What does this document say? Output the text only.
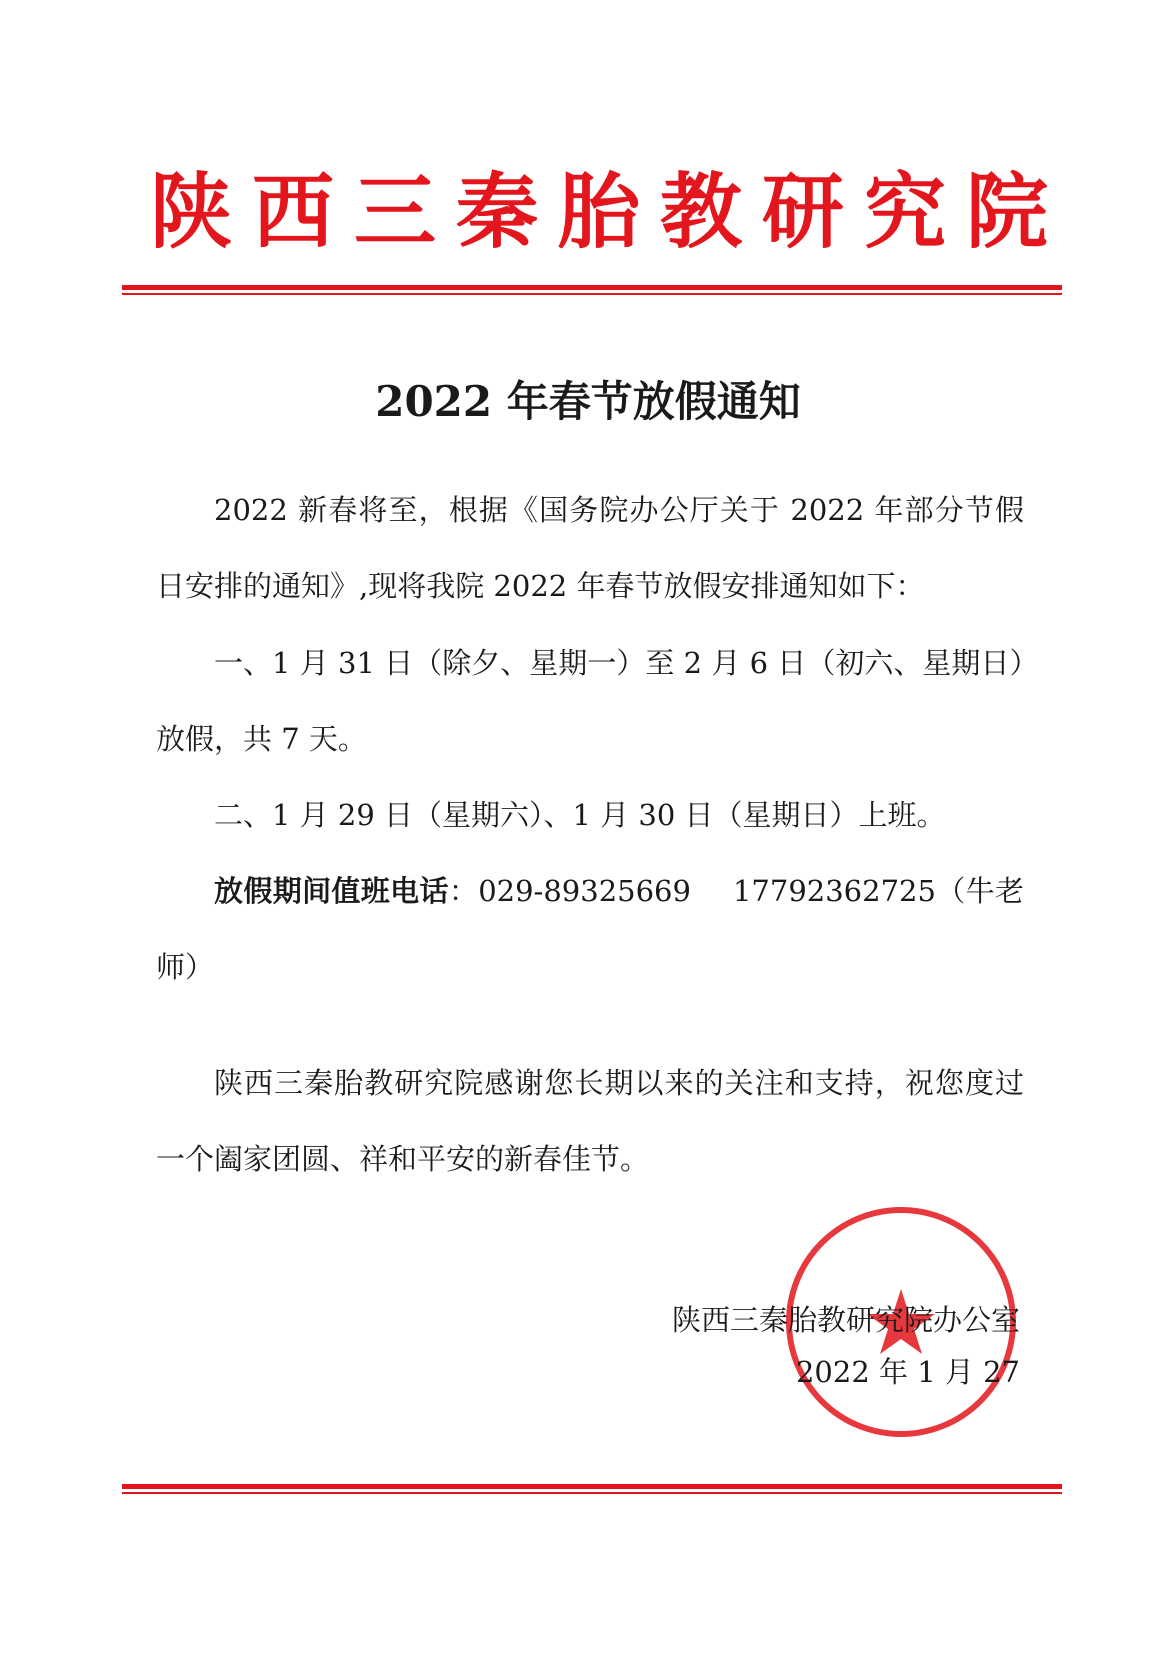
陕西三秦胎教研究院
2022 年春节放假通知

2022 新春将至，根据《国务院办公厅关于 2022 年部分节假日安排的通知》,现将我院 2022 年春节放假安排通知如下：

一、1 月 31 日（除夕、星期一）至 2 月 6 日（初六、星期日）放假，共 7 天。

二、1 月 29 日（星期六）、1 月 30 日（星期日）上班。

放假期间值班电话：029-89325669 17792362725（牛老师）

陕西三秦胎教研究院感谢您长期以来的关注和支持，祝您度过一个阖家团圆、祥和平安的新春佳节。

陕西三秦胎教研究院办公室
2022 年 1 月 27
